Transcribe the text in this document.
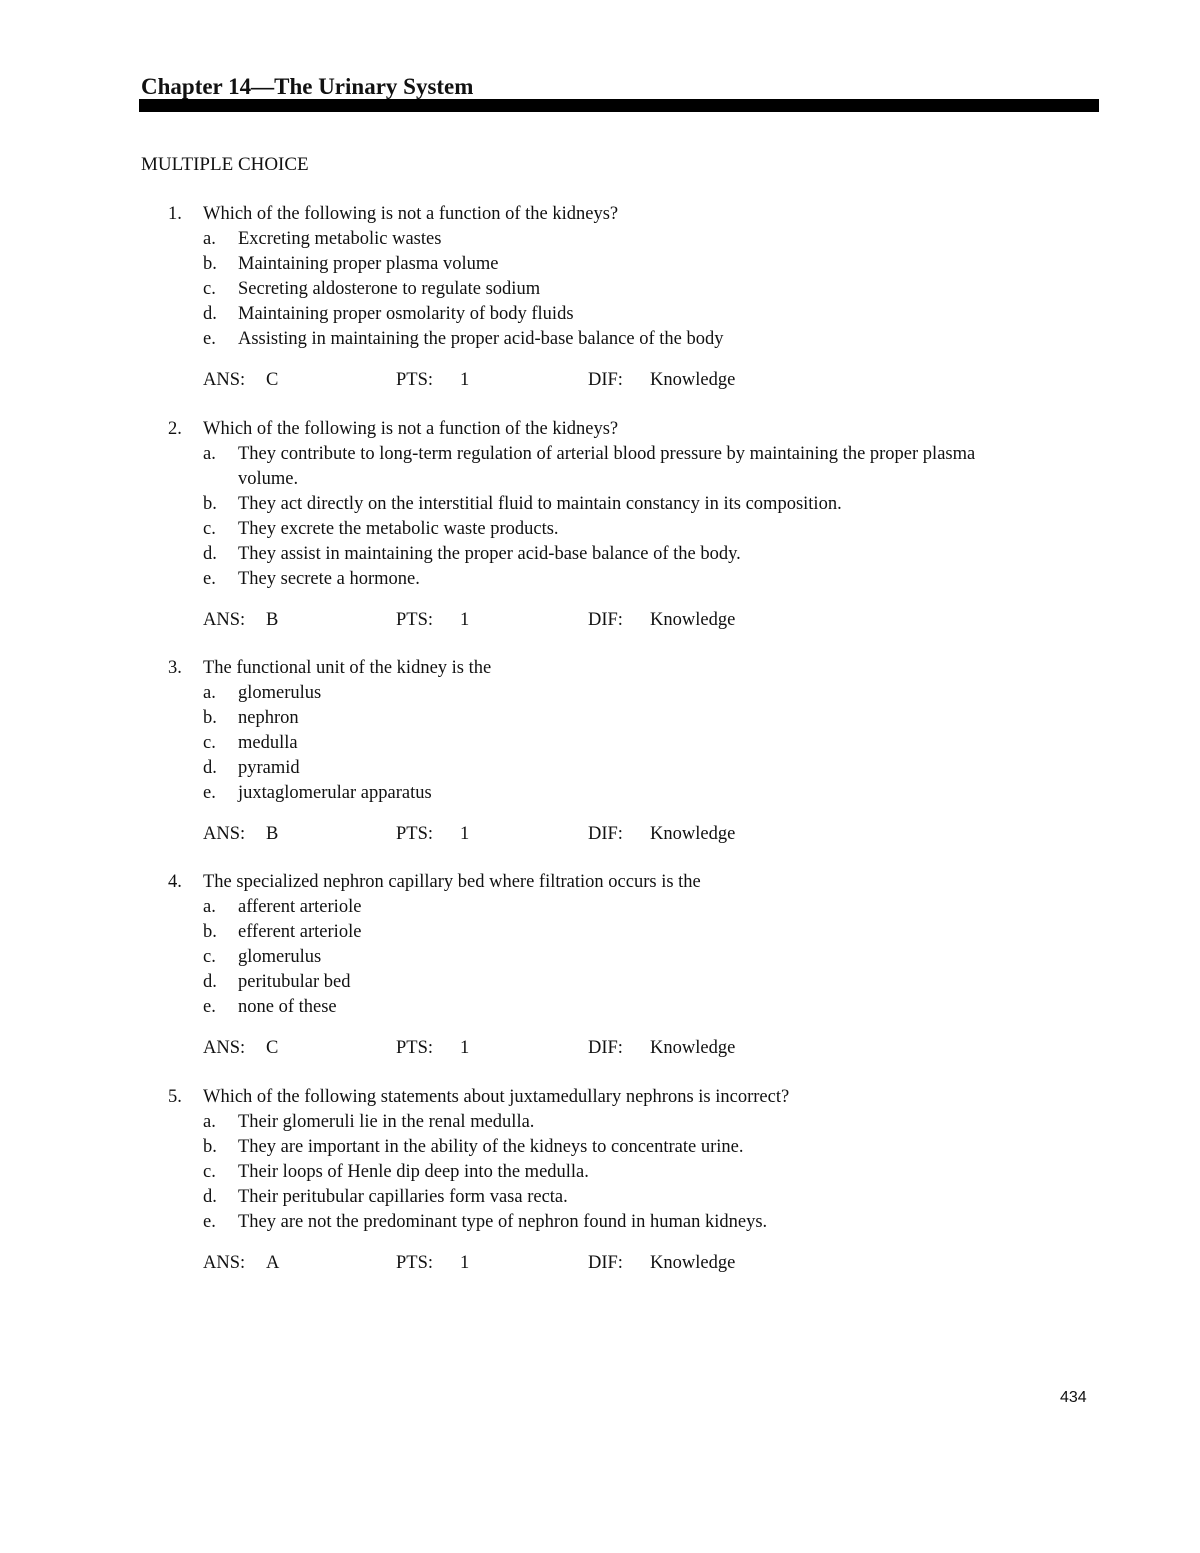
Chapter 14—The Urinary System
MULTIPLE CHOICE
1.	Which of the following is not a function of the kidneys?
a.	Excreting metabolic wastes
b.	Maintaining proper plasma volume
c.	Secreting aldosterone to regulate sodium
d.	Maintaining proper osmolarity of body fluids
e.	Assisting in maintaining the proper acid-base balance of the body
ANS: C	PTS: 1	DIF: Knowledge
2.	Which of the following is not a function of the kidneys?
a.	They contribute to long-term regulation of arterial blood pressure by maintaining the proper plasma volume.
b.	They act directly on the interstitial fluid to maintain constancy in its composition.
c.	They excrete the metabolic waste products.
d.	They assist in maintaining the proper acid-base balance of the body.
e.	They secrete a hormone.
ANS: B	PTS: 1	DIF: Knowledge
3.	The functional unit of the kidney is the
a.	glomerulus
b.	nephron
c.	medulla
d.	pyramid
e.	juxtaglomerular apparatus
ANS: B	PTS: 1	DIF: Knowledge
4.	The specialized nephron capillary bed where filtration occurs is the
a.	afferent arteriole
b.	efferent arteriole
c.	glomerulus
d.	peritubular bed
e.	none of these
ANS: C	PTS: 1	DIF: Knowledge
5.	Which of the following statements about juxtamedullary nephrons is incorrect?
a.	Their glomeruli lie in the renal medulla.
b.	They are important in the ability of the kidneys to concentrate urine.
c.	Their loops of Henle dip deep into the medulla.
d.	Their peritubular capillaries form vasa recta.
e.	They are not the predominant type of nephron found in human kidneys.
ANS: A	PTS: 1	DIF: Knowledge
434
